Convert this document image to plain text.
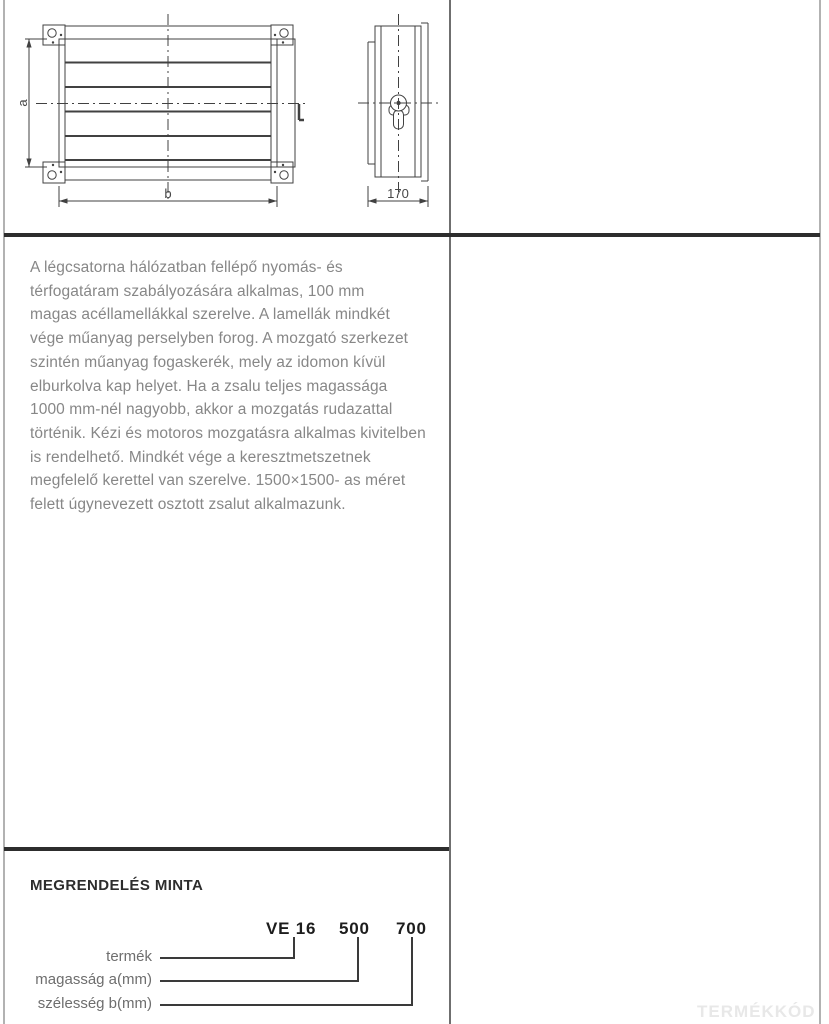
a
b	170
A légcsatorna hálózatban fellépő nyomás- és
térfogatáram szabályozására alkalmas, 100 mm
magas acéllamellákkal szerelve. A lamellák mindkét
vége műanyag perselyben forog. A mozgató szerkezet
szintén műanyag fogaskerék, mely az idomon kívül
elburkolva kap helyet. Ha a zsalu teljes magassága
1000 mm-nél nagyobb, akkor a mozgatás rudazattal
történik. Kézi és motoros mozgatásra alkalmas kivitelben
is rendelhető. Mindkét vége a keresztmetszetnek
megfelelő kerettel van szerelve. 1500×1500- as méret
felett úgynevezett osztott zsalut alkalmazunk.
MEGRENDELÉS MINTA
VE 16 500 700
termék
magasság a(mm)
szélesség b(mm)	TERMÉKKÓD
